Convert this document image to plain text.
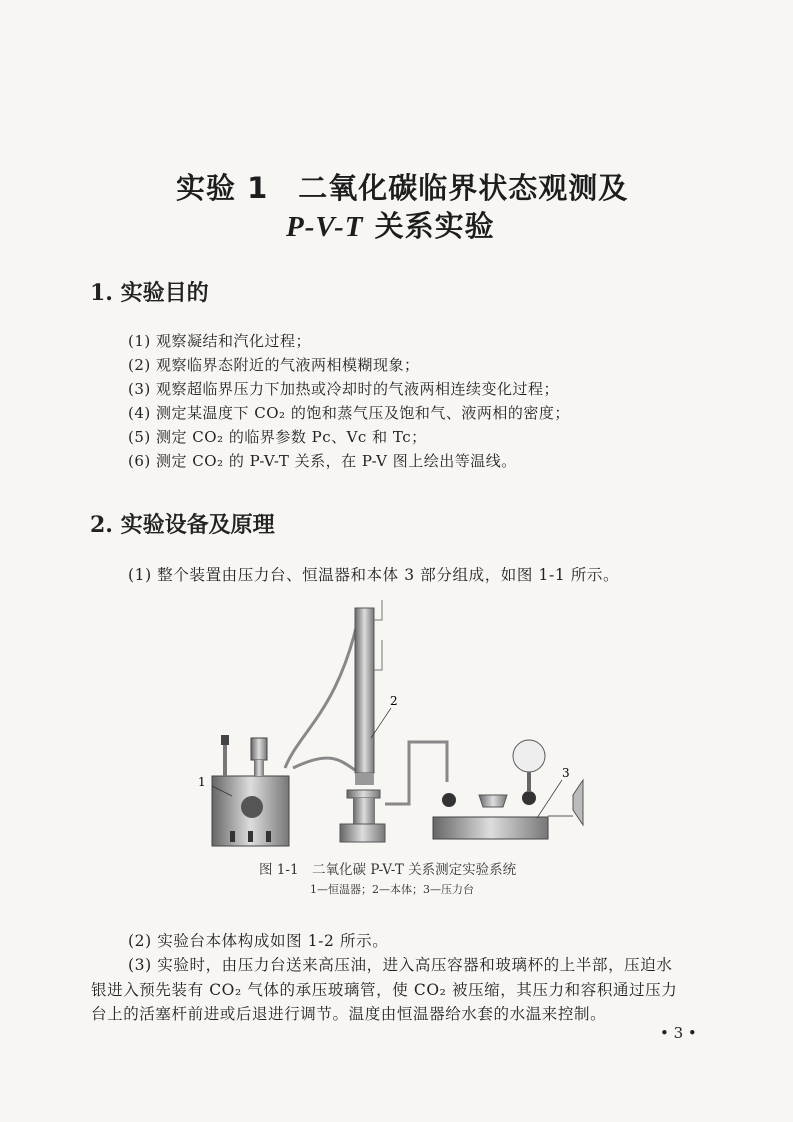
实验 1 二氧化碳临界状态观测及
P-V-T 关系实验
1. 实验目的
(1) 观察凝结和汽化过程；
(2) 观察临界态附近的气液两相模糊现象；
(3) 观察超临界压力下加热或冷却时的气液两相连续变化过程；
(4) 测定某温度下 CO₂ 的饱和蒸气压及饱和气、液两相的密度；
(5) 测定 CO₂ 的临界参数 Pc、Vc 和 Tc；
(6) 测定 CO₂ 的 P-V-T 关系，在 P-V 图上绘出等温线。
2. 实验设备及原理
(1) 整个装置由压力台、恒温器和本体 3 部分组成，如图 1-1 所示。
1
2
3
图 1-1　二氧化碳 P-V-T 关系测定实验系统
1—恒温器；2—本体；3—压力台
(2) 实验台本体构成如图 1-2 所示。
(3) 实验时，由压力台送来高压油，进入高压容器和玻璃杯的上半部，压迫水
银进入预先装有 CO₂ 气体的承压玻璃管，使 CO₂ 被压缩，其压力和容积通过压力
台上的活塞杆前进或后退进行调节。温度由恒温器给水套的水温来控制。
• 3 •
